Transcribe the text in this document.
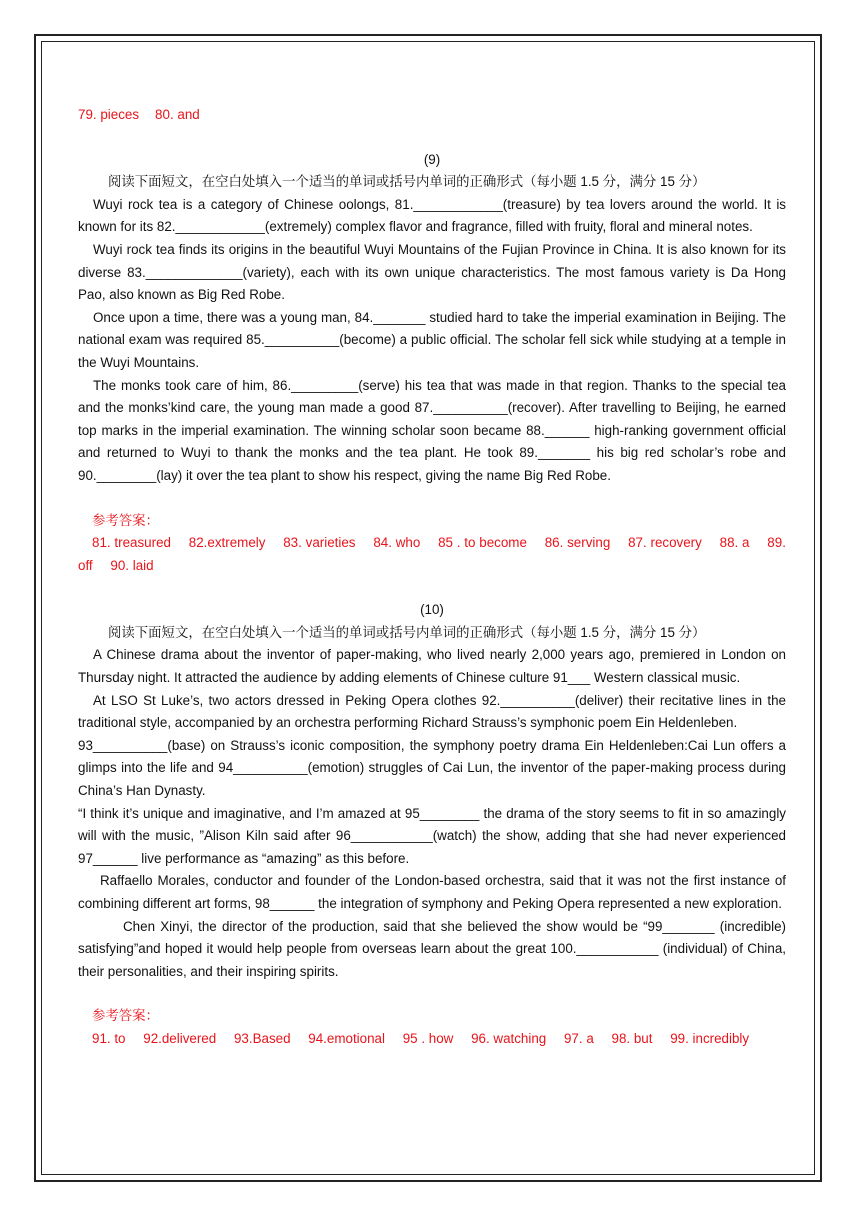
79. pieces 80. and

(9)

阅读下面短文，在空白处填入一个适当的单词或括号内单词的正确形式（每小题 1.5 分，满分 15 分）

Wuyi rock tea is a category of Chinese oolongs, 81.____________(treasure) by tea lovers around the world. It is known for its 82.____________(extremely) complex flavor and fragrance, filled with fruity, floral and mineral notes.

Wuyi rock tea finds its origins in the beautiful Wuyi Mountains of the Fujian Province in China. It is also known for its diverse 83._____________(variety), each with its own unique characteristics. The most famous variety is Da Hong Pao, also known as Big Red Robe.

Once upon a time, there was a young man, 84._______ studied hard to take the imperial examination in Beijing. The national exam was required 85.__________(become) a public official. The scholar fell sick while studying at a temple in the Wuyi Mountains.

The monks took care of him, 86._________(serve) his tea that was made in that region. Thanks to the special tea and the monks’kind care, the young man made a good 87.__________(recover). After travelling to Beijing, he earned top marks in the imperial examination. The winning scholar soon became 88.______ high-ranking government official and returned to Wuyi to thank the monks and the tea plant. He took 89._______ his big red scholar’s robe and 90.________(lay) it over the tea plant to show his respect, giving the name Big Red Robe.

参考答案：

81. treasured 82.extremely 83. varieties 84. who 85 . to become 86. serving 87. recovery 88. a 89. off 90. laid

(10)

阅读下面短文，在空白处填入一个适当的单词或括号内单词的正确形式（每小题 1.5 分，满分 15 分）

A Chinese drama about the inventor of paper-making, who lived nearly 2,000 years ago, premiered in London on Thursday night. It attracted the audience by adding elements of Chinese culture 91___ Western classical music.

At LSO St Luke’s, two actors dressed in Peking Opera clothes 92.__________(deliver) their recitative lines in the traditional style, accompanied by an orchestra performing Richard Strauss’s symphonic poem Ein Heldenleben.

93__________(base) on Strauss’s iconic composition, the symphony poetry drama Ein Heldenleben:Cai Lun offers a glimps into the life and 94__________(emotion) struggles of Cai Lun, the inventor of the paper-making process during China’s Han Dynasty.

“I think it’s unique and imaginative, and I’m amazed at 95________ the drama of the story seems to fit in so amazingly will with the music, ”Alison Kiln said after 96___________(watch) the show, adding that she had never experienced 97______ live performance as “amazing” as this before.

Raffaello Morales, conductor and founder of the London-based orchestra, said that it was not the first instance of combining different art forms, 98______ the integration of symphony and Peking Opera represented a new exploration.

Chen Xinyi, the director of the production, said that she believed the show would be “99_______ (incredible) satisfying”and hoped it would help people from overseas learn about the great 100.___________ (individual) of China, their personalities, and their inspiring spirits.

参考答案：

91. to 92.delivered 93.Based 94.emotional 95 . how 96. watching 97. a 98. but 99. incredibly
